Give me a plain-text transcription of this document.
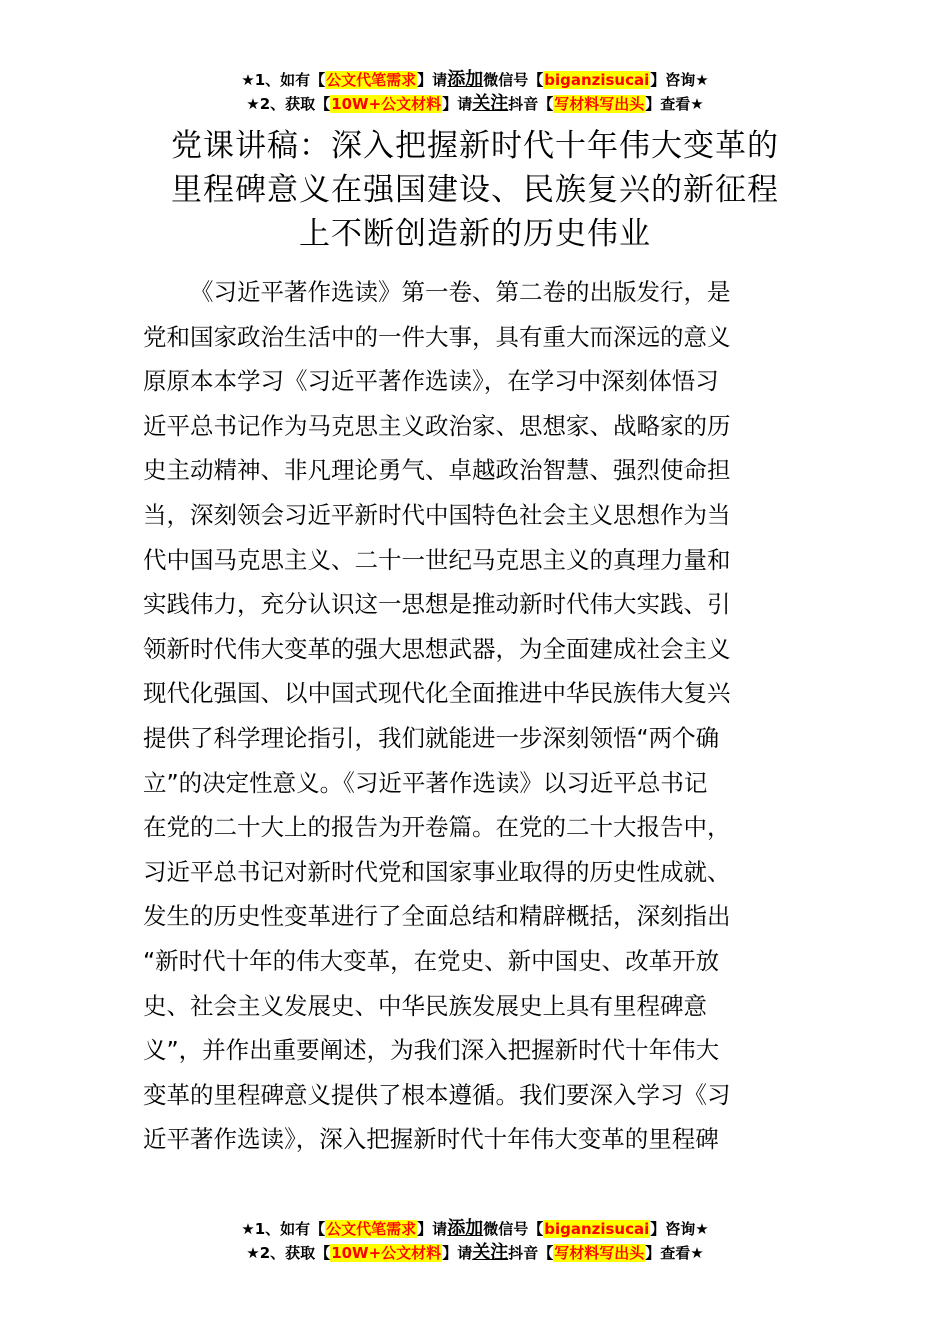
★1、如有【公文代笔需求】请添加微信号【biganzisucai】咨询★
★2、获取【10W+公文材料】请关注抖音【写材料写出头】查看★
党课讲稿：深入把握新时代十年伟大变革的
里程碑意义在强国建设、民族复兴的新征程
上不断创造新的历史伟业
《习近平著作选读》第一卷、第二卷的出版发行，是
党和国家政治生活中的一件大事，具有重大而深远的意义
原原本本学习《习近平著作选读》，在学习中深刻体悟习
近平总书记作为马克思主义政治家、思想家、战略家的历
史主动精神、非凡理论勇气、卓越政治智慧、强烈使命担
当，深刻领会习近平新时代中国特色社会主义思想作为当
代中国马克思主义、二十一世纪马克思主义的真理力量和
实践伟力，充分认识这一思想是推动新时代伟大实践、引
领新时代伟大变革的强大思想武器，为全面建成社会主义
现代化强国、以中国式现代化全面推进中华民族伟大复兴
提供了科学理论指引，我们就能进一步深刻领悟“两个确
立”的决定性意义。《习近平著作选读》以习近平总书记
在党的二十大上的报告为开卷篇。在党的二十大报告中，
习近平总书记对新时代党和国家事业取得的历史性成就、
发生的历史性变革进行了全面总结和精辟概括，深刻指出
“新时代十年的伟大变革，在党史、新中国史、改革开放
史、社会主义发展史、中华民族发展史上具有里程碑意
义”，并作出重要阐述，为我们深入把握新时代十年伟大
变革的里程碑意义提供了根本遵循。我们要深入学习《习
近平著作选读》，深入把握新时代十年伟大变革的里程碑
★1、如有【公文代笔需求】请添加微信号【biganzisucai】咨询★
★2、获取【10W+公文材料】请关注抖音【写材料写出头】查看★
